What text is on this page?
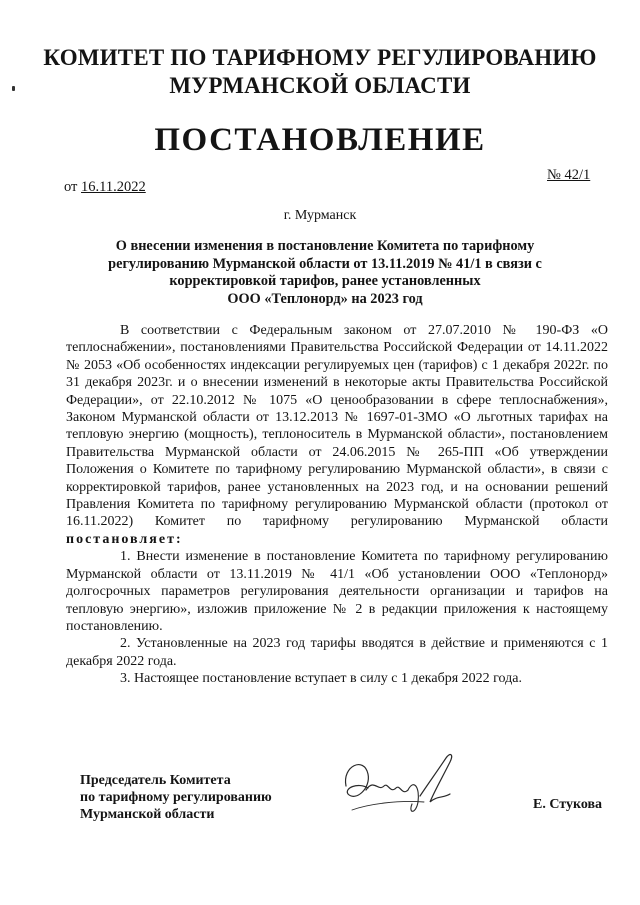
КОМИТЕТ ПО ТАРИФНОМУ РЕГУЛИРОВАНИЮ
МУРМАНСКОЙ ОБЛАСТИ
ПОСТАНОВЛЕНИЕ
от 16.11.2022
№ 42/1
г. Мурманск
О внесении изменения в постановление Комитета по тарифному
регулированию Мурманской области от 13.11.2019 № 41/1 в связи с
корректировкой тарифов, ранее установленных
ООО «Теплонорд» на 2023 год

В соответствии с Федеральным законом от 27.07.2010 № 190-ФЗ «О теплоснабжении», постановлениями Правительства Российской Федерации от 14.11.2022 № 2053 «Об особенностях индексации регулируемых цен (тарифов) с 1 декабря 2022г. по 31 декабря 2023г. и о внесении изменений в некоторые акты Правительства Российской Федерации», от 22.10.2012 № 1075 «О ценообразовании в сфере теплоснабжения», Законом Мурманской области от 13.12.2013 № 1697-01-ЗМО «О льготных тарифах на тепловую энергию (мощность), теплоноситель в Мурманской области», постановлением Правительства Мурманской области от 24.06.2015 № 265-ПП «Об утверждении Положения о Комитете по тарифному регулированию Мурманской области», в связи с корректировкой тарифов, ранее установленных на 2023 год, и на основании решений Правления Комитета по тарифному регулированию Мурманской области (протокол от 16.11.2022) Комитет по тарифному регулированию Мурманской области постановляет:

1. Внести изменение в постановление Комитета по тарифному регулированию Мурманской области от 13.11.2019 № 41/1 «Об установлении ООО «Теплонорд» долгосрочных параметров регулирования деятельности организации и тарифов на тепловую энергию», изложив приложение № 2 в редакции приложения к настоящему постановлению.

2. Установленные на 2023 год тарифы вводятся в действие и применяются с 1 декабря 2022 года.

3. Настоящее постановление вступает в силу с 1 декабря 2022 года.

Председатель Комитета
по тарифному регулированию
Мурманской области
Е. Стукова
